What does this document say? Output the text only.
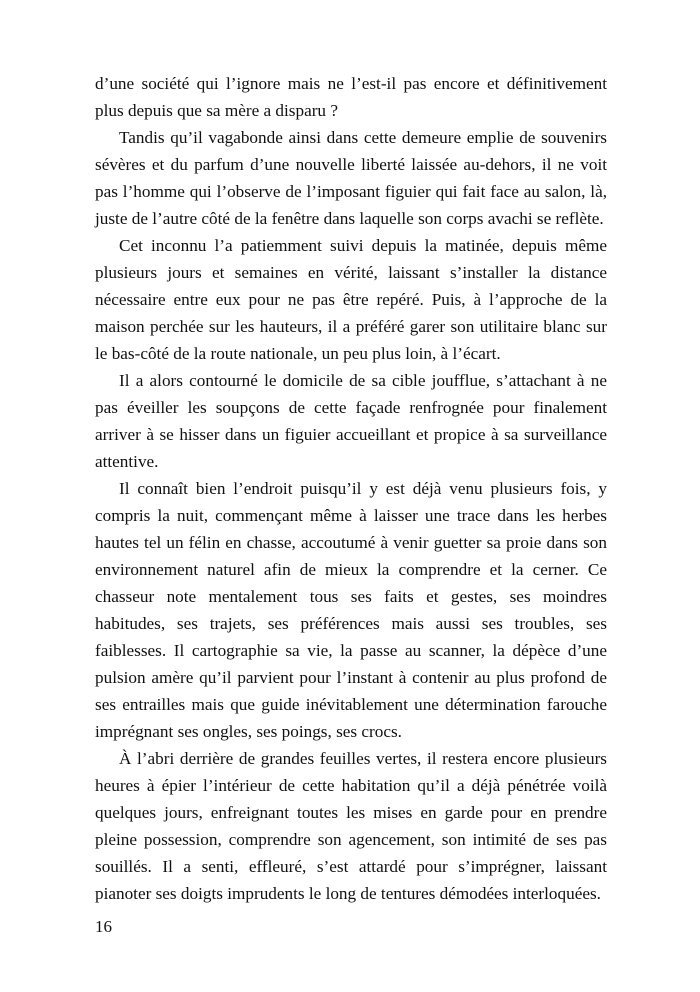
d’une société qui l’ignore mais ne l’est-il pas encore et définitivement plus depuis que sa mère a disparu ?

Tandis qu’il vagabonde ainsi dans cette demeure emplie de souvenirs sévères et du parfum d’une nouvelle liberté laissée au-dehors, il ne voit pas l’homme qui l’observe de l’imposant figuier qui fait face au salon, là, juste de l’autre côté de la fenêtre dans laquelle son corps avachi se reflète.

Cet inconnu l’a patiemment suivi depuis la matinée, depuis même plusieurs jours et semaines en vérité, laissant s’installer la distance nécessaire entre eux pour ne pas être repéré. Puis, à l’approche de la maison perchée sur les hauteurs, il a préféré garer son utilitaire blanc sur le bas-côté de la route nationale, un peu plus loin, à l’écart.

Il a alors contourné le domicile de sa cible joufflue, s’attachant à ne pas éveiller les soupçons de cette façade renfrognée pour finalement arriver à se hisser dans un figuier accueillant et propice à sa surveillance attentive.

Il connaît bien l’endroit puisqu’il y est déjà venu plusieurs fois, y compris la nuit, commençant même à laisser une trace dans les herbes hautes tel un félin en chasse, accoutumé à venir guetter sa proie dans son environnement naturel afin de mieux la comprendre et la cerner. Ce chasseur note mentalement tous ses faits et gestes, ses moindres habitudes, ses trajets, ses préférences mais aussi ses troubles, ses faiblesses. Il cartographie sa vie, la passe au scanner, la dépèce d’une pulsion amère qu’il parvient pour l’instant à contenir au plus profond de ses entrailles mais que guide inévitablement une détermination farouche imprégnant ses ongles, ses poings, ses crocs.

À l’abri derrière de grandes feuilles vertes, il restera encore plusieurs heures à épier l’intérieur de cette habitation qu’il a déjà pénétrée voilà quelques jours, enfreignant toutes les mises en garde pour en prendre pleine possession, comprendre son agencement, son intimité de ses pas souillés. Il a senti, effleuré, s’est attardé pour s’imprégner, laissant pianoter ses doigts imprudents le long de tentures démodées interloquées.

16
